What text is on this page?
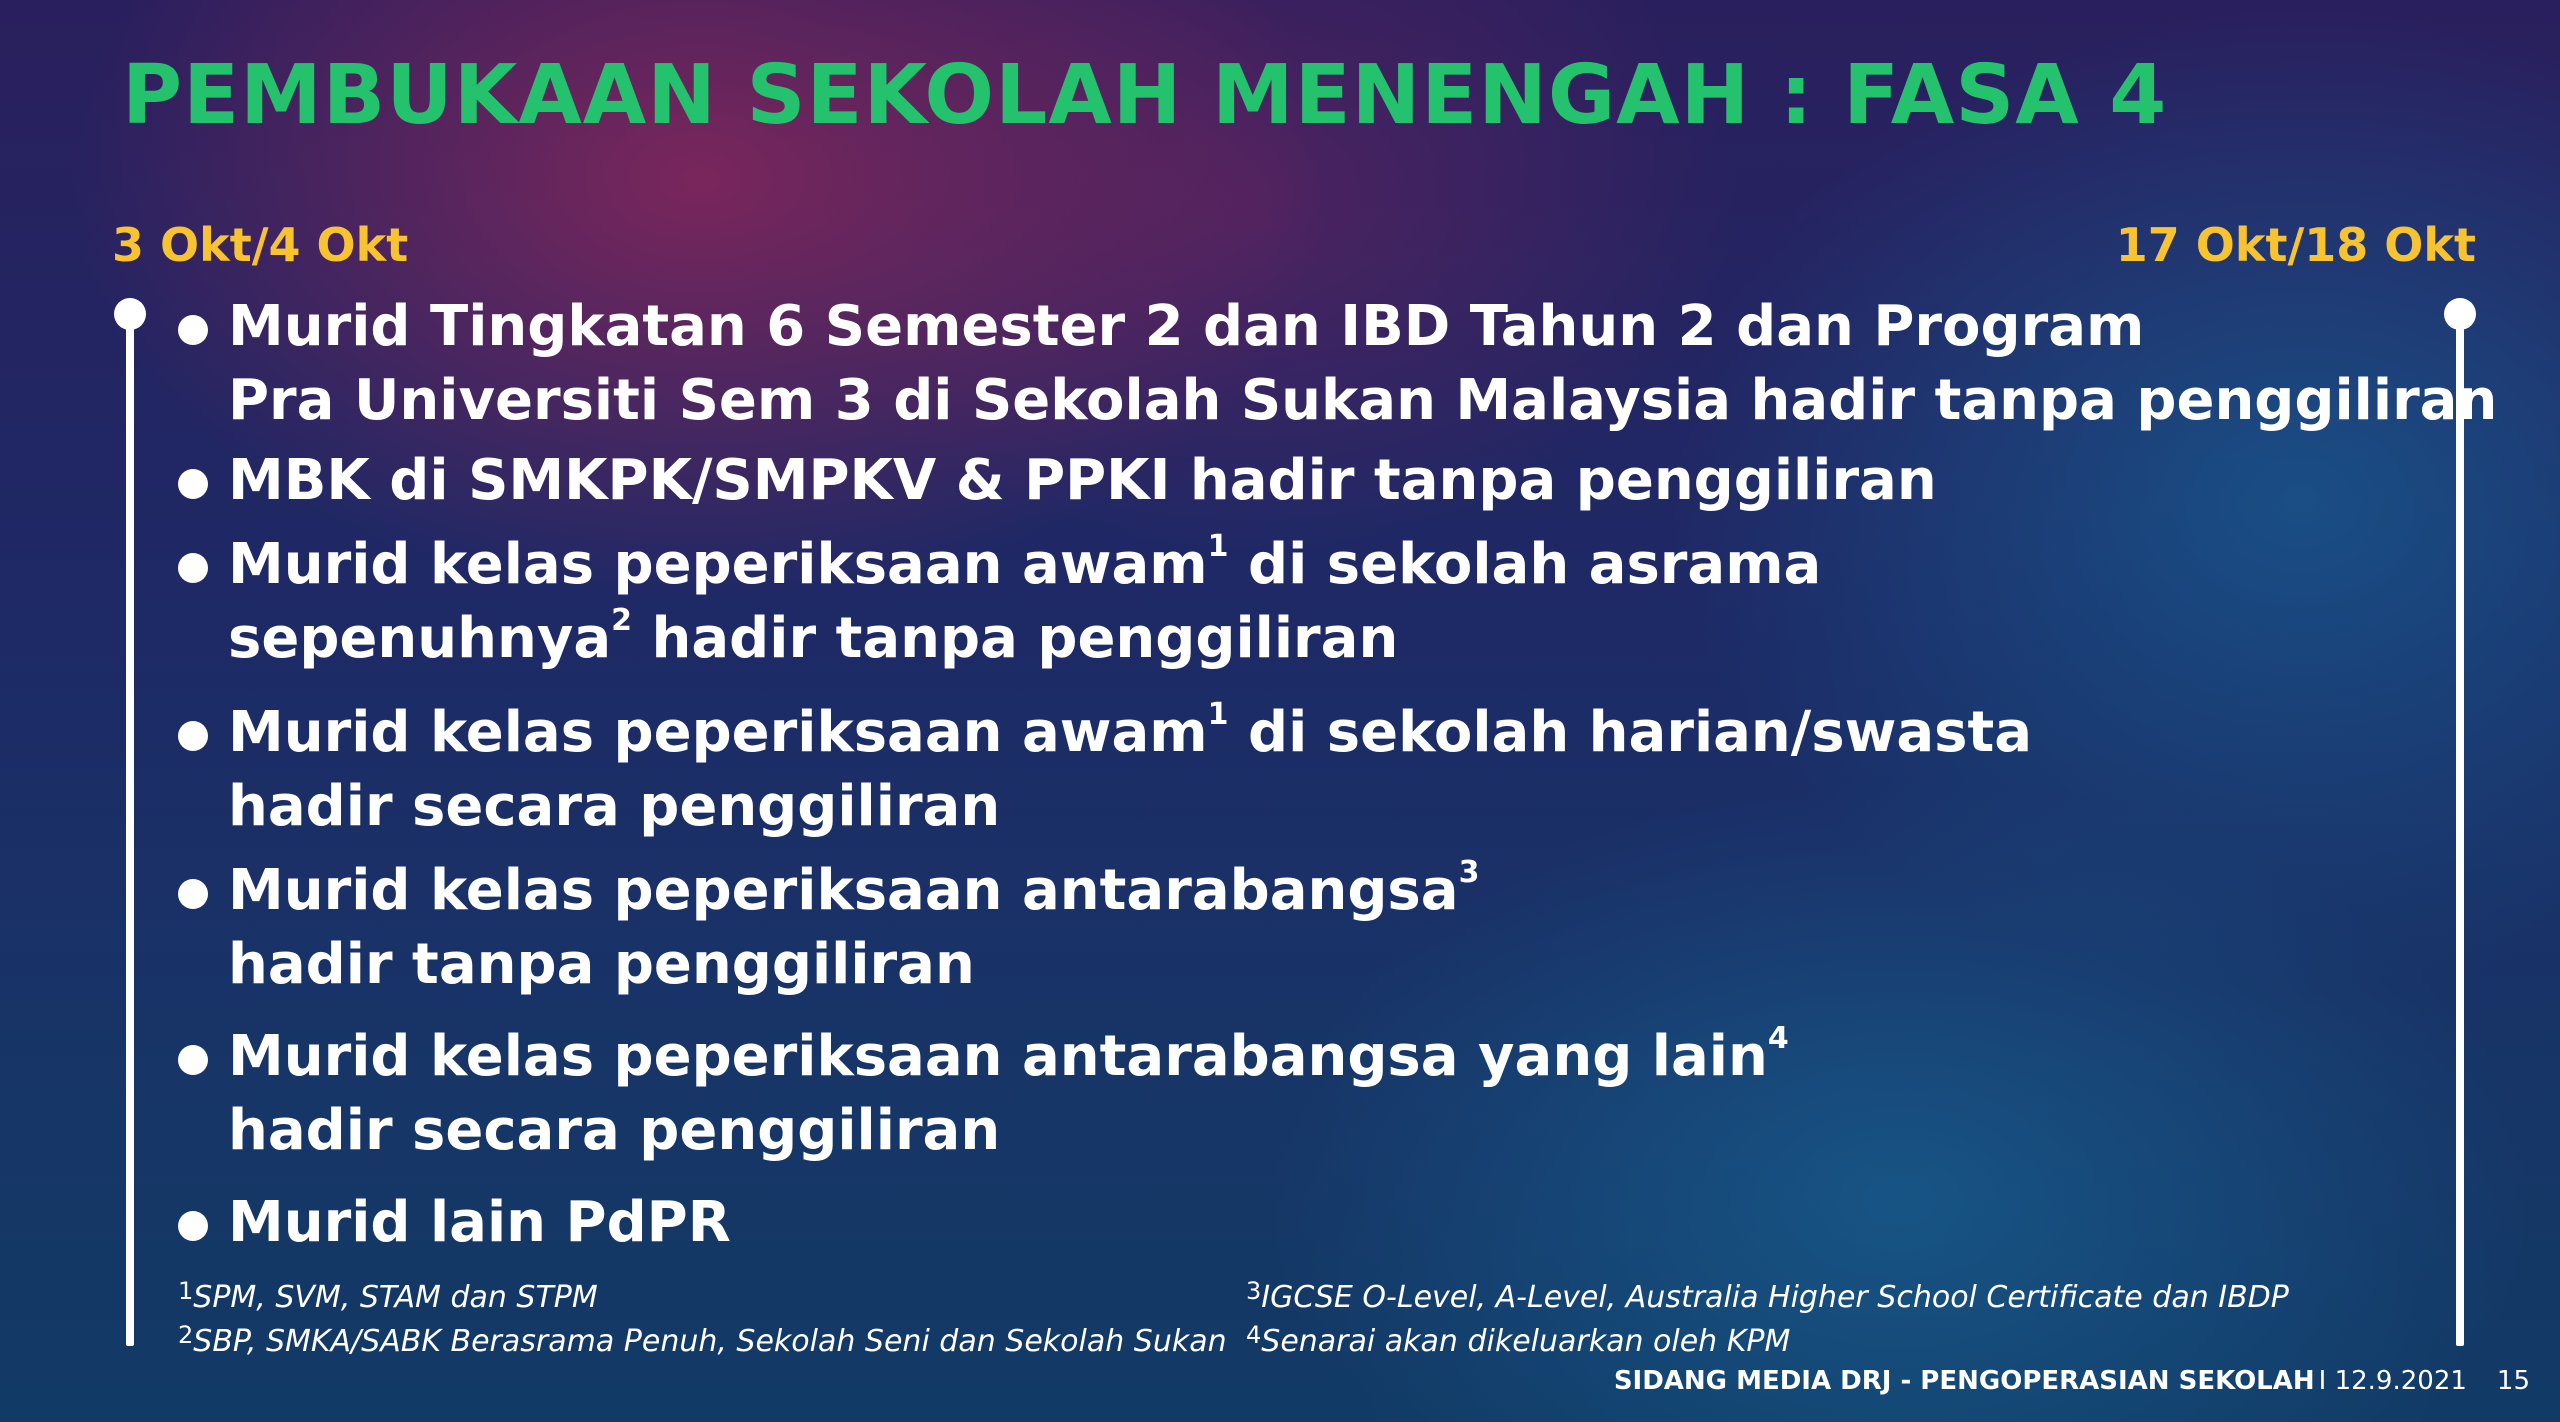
PEMBUKAAN SEKOLAH MENENGAH : FASA 4
3 Okt/4 Okt	17 Okt/18 Okt
Murid Tingkatan 6 Semester 2 dan IBD Tahun 2 dan Program
Pra Universiti Sem 3 di Sekolah Sukan Malaysia hadir tanpa penggiliran
MBK di SMKPK/SMPKV & PPKI hadir tanpa penggiliran
Murid kelas peperiksaan awam$^1$ di sekolah asrama
sepenuhnya$^2$ hadir tanpa penggiliran
Murid kelas peperiksaan awam$^1$ di sekolah harian/swasta
hadir secara penggiliran
Murid kelas peperiksaan antarabangsa$^3$
hadir tanpa penggiliran
Murid kelas peperiksaan antarabangsa yang lain$^4$
hadir secara penggiliran
Murid lain PdPR
$^1$SPM, SVM, STAM dan STPM
$^2$SBP, SMKA/SABK Berasrama Penuh, Sekolah Seni dan Sekolah Sukan
$^3$IGCSE O-Level, A-Level, Australia Higher School Certificate dan IBDP
$^4$Senarai akan dikeluarkan oleh KPM
SIDANG MEDIA DRJ - PENGOPERASIAN SEKOLAH I 12.9.2021 15
